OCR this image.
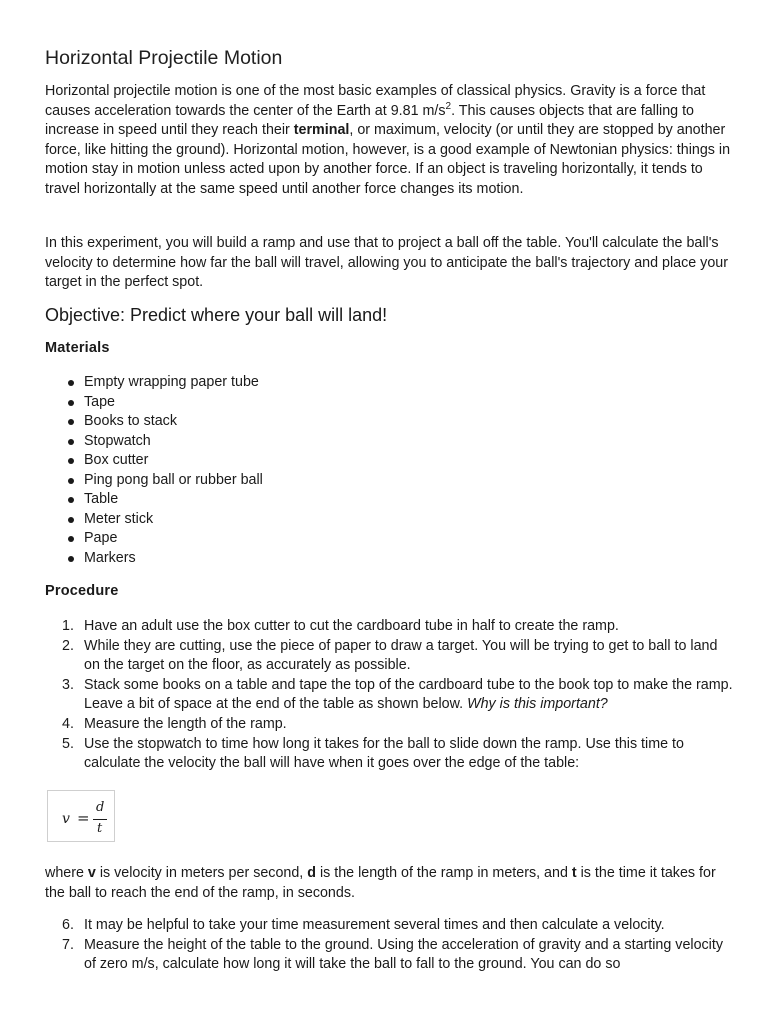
Horizontal Projectile Motion

Horizontal projectile motion is one of the most basic examples of classical physics. Gravity is a force that causes acceleration towards the center of the Earth at 9.81 $m/s^2$. This causes objects that are falling to increase in speed until they reach their terminal, or maximum, velocity (or until they are stopped by another force, like hitting the ground). Horizontal motion, however, is a good example of Newtonian physics: things in motion stay in motion unless acted upon by another force. If an object is traveling horizontally, it tends to travel horizontally at the same speed until another force changes its motion.

In this experiment, you will build a ramp and use that to project a ball off the table. You'll calculate the ball's velocity to determine how far the ball will travel, allowing you to anticipate the ball's trajectory and place your target in the perfect spot.

Objective: Predict where your ball will land!
Materials
Empty wrapping paper tube
Tape
Books to stack
Stopwatch
Box cutter
Ping pong ball or rubber ball
Table
Meter stick
Pape
Markers
Procedure
1. Have an adult use the box cutter to cut the cardboard tube in half to create the ramp.
2. While they are cutting, use the piece of paper to draw a target. You will be trying to get to ball to land on the target on the floor, as accurately as possible.
3. Stack some books on a table and tape the top of the cardboard tube to the book top to make the ramp. Leave a bit of space at the end of the table as shown below. Why is this important?
4. Measure the length of the ramp.
5. Use the stopwatch to time how long it takes for the ball to slide down the ramp. Use this time to calculate the velocity the ball will have when it goes over the edge of the table:
v =
d
t

where v is velocity in meters per second, d is the length of the ramp in meters, and t is the time it takes for the ball to reach the end of the ramp, in seconds.

6. It may be helpful to take your time measurement several times and then calculate a velocity.
7. Measure the height of the table to the ground. Using the acceleration of gravity and a starting velocity of zero m/s, calculate how long it will take the ball to fall to the ground. You can do so
